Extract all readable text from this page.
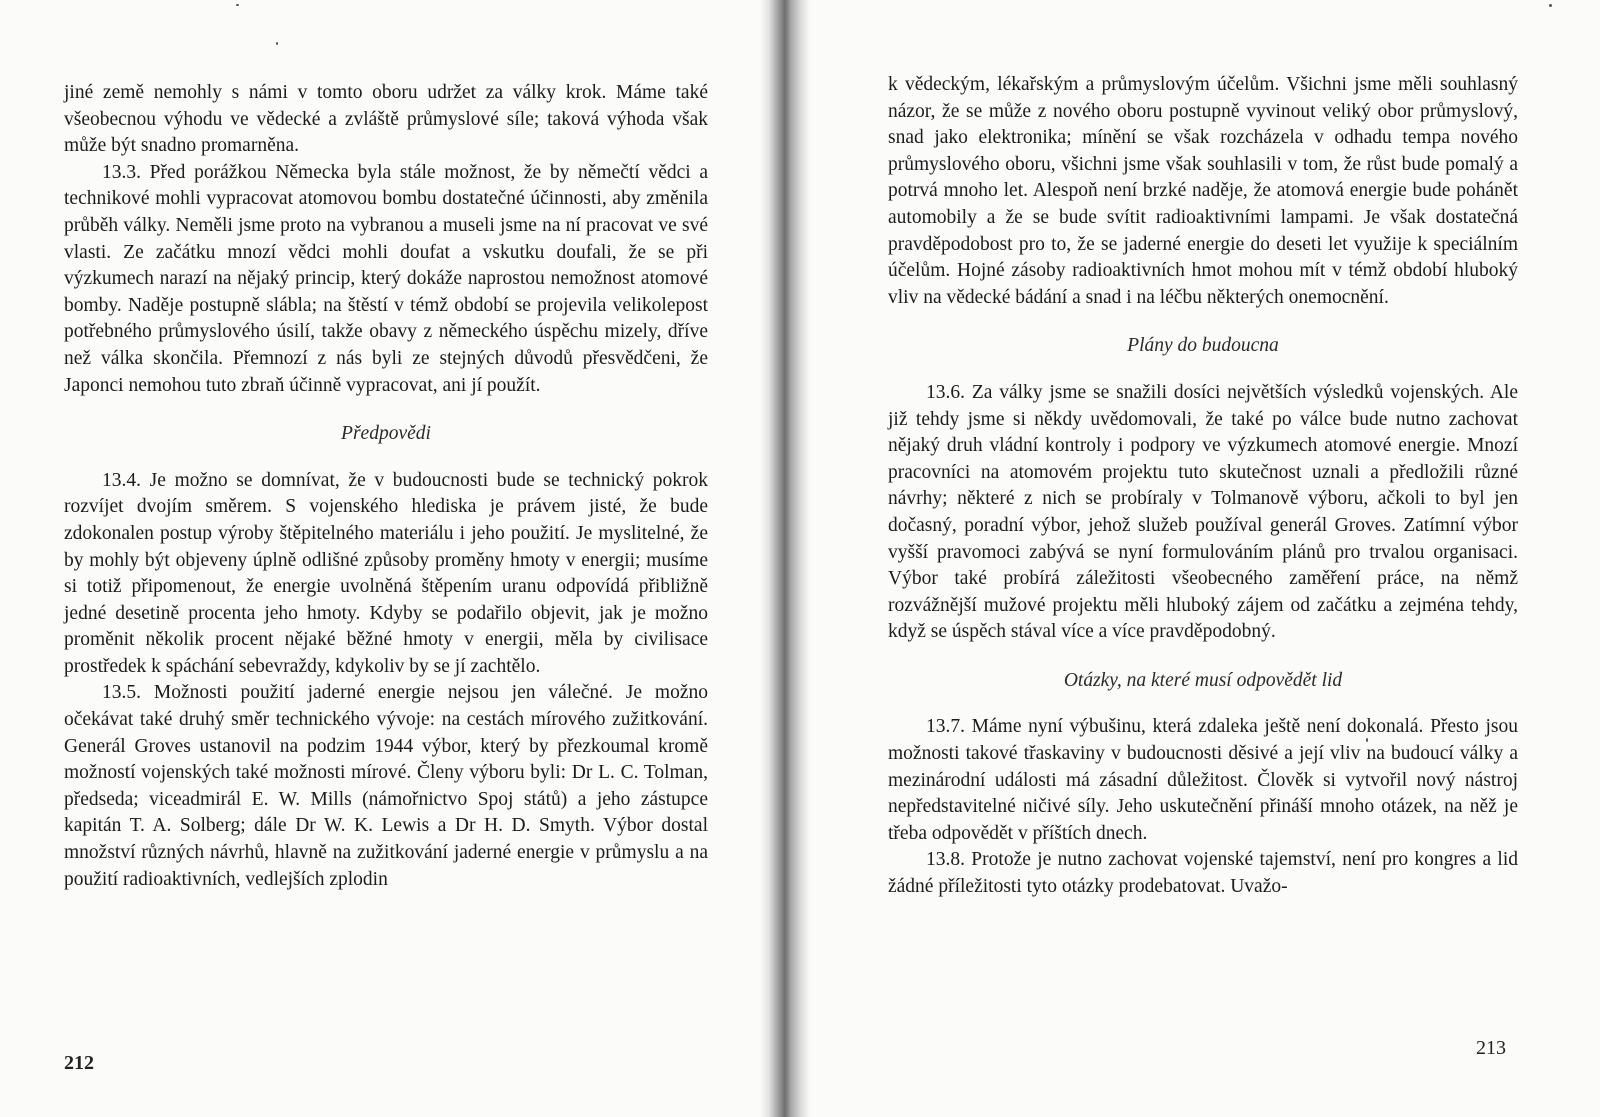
jiné země nemohly s námi v tomto oboru udržet za války krok. Máme také všeobecnou výhodu ve vědecké a zvláště průmyslové síle; taková výhoda však může být snadno promarněna.

13.3. Před porážkou Německa byla stále možnost, že by němečtí vědci a technikové mohli vypracovat atomovou bombu dostatečné účinnosti, aby změnila průběh války. Neměli jsme proto na vybranou a museli jsme na ní pracovat ve své vlasti. Ze začátku mnozí vědci mohli doufat a vskutku doufali, že se při výzkumech narazí na nějaký princip, který dokáže naprostou nemožnost atomové bomby. Naděje postupně slábla; na štěstí v témž období se projevila velikolepost potřebného průmyslového úsilí, takže obavy z německého úspěchu mizely, dříve než válka skončila. Přemnozí z nás byli ze stejných důvodů přesvědčeni, že Japonci nemohou tuto zbraň účinně vypracovat, ani jí použít.

Předpovědi

13.4. Je možno se domnívat, že v budoucnosti bude se technický pokrok rozvíjet dvojím směrem. S vojenského hlediska je právem jisté, že bude zdokonalen postup výroby štěpitelného materiálu i jeho použití. Je myslitelné, že by mohly být objeveny úplně odlišné způsoby proměny hmoty v energii; musíme si totiž připomenout, že energie uvolněná štěpením uranu odpovídá přibližně jedné desetině procenta jeho hmoty. Kdyby se podařilo objevit, jak je možno proměnit několik procent nějaké běžné hmoty v energii, měla by civilisace prostředek k spáchání sebevraždy, kdykoliv by se jí zachtělo.

13.5. Možnosti použití jaderné energie nejsou jen válečné. Je možno očekávat také druhý směr technického vývoje: na cestách mírového zužitkování. Generál Groves ustanovil na podzim 1944 výbor, který by přezkoumal kromě možností vojenských také možnosti mírové. Členy výboru byli: Dr L. C. Tolman, předseda; viceadmirál E. W. Mills (námořnictvo Spoj států) a jeho zástupce kapitán T. A. Solberg; dále Dr W. K. Lewis a Dr H. D. Smyth. Výbor dostal množství různých návrhů, hlavně na zužitkování jaderné energie v průmyslu a na použití radioaktivních, vedlejších zplodin

212

k vědeckým, lékařským a průmyslovým účelům. Všichni jsme měli souhlasný názor, že se může z nového oboru postupně vyvinout veliký obor průmyslový, snad jako elektronika; mínění se však rozcházela v odhadu tempa nového průmyslového oboru, všichni jsme však souhlasili v tom, že růst bude pomalý a potrvá mnoho let. Alespoň není brzké naděje, že atomová energie bude pohánět automobily a že se bude svítit radioaktivními lampami. Je však dostatečná pravděpodobost pro to, že se jaderné energie do deseti let využije k speciálním účelům. Hojné zásoby radioaktivních hmot mohou mít v témž období hluboký vliv na vědecké bádání a snad i na léčbu některých onemocnění.

Plány do budoucna

13.6. Za války jsme se snažili dosíci největších výsledků vojenských. Ale již tehdy jsme si někdy uvědomovali, že také po válce bude nutno zachovat nějaký druh vládní kontroly i podpory ve výzkumech atomové energie. Mnozí pracovníci na atomovém projektu tuto skutečnost uznali a předložili různé návrhy; některé z nich se probíraly v Tolmanově výboru, ačkoli to byl jen dočasný, poradní výbor, jehož služeb používal generál Groves. Zatímní výbor vyšší pravomoci zabývá se nyní formulováním plánů pro trvalou organisaci. Výbor také probírá záležitosti všeobecného zaměření práce, na němž rozvážnější mužové projektu měli hluboký zájem od začátku a zejména tehdy, když se úspěch stával více a více pravděpodobný.

Otázky, na které musí odpovědět lid

13.7. Máme nyní výbušinu, která zdaleka ještě není dokonalá. Přesto jsou možnosti takové třaskaviny v budoucnosti děsivé a její vliv na budoucí války a mezinárodní události má zásadní důležitost. Člověk si vytvořil nový nástroj nepředstavitelné ničivé síly. Jeho uskutečnění přináší mnoho otázek, na něž je třeba odpovědět v příštích dnech.

13.8. Protože je nutno zachovat vojenské tajemství, není pro kongres a lid žádné příležitosti tyto otázky prodebatovat. Uvažo-

213
